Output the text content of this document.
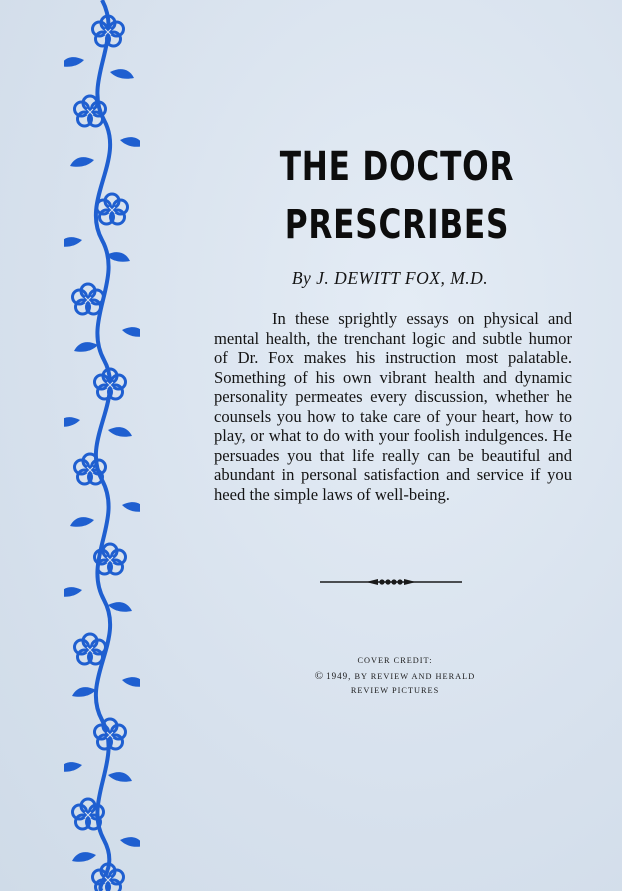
THE DOCTOR
PRESCRIBES
By J. DEWITT FOX, M.D.

In these sprightly essays on physical and mental health, the trenchant logic and subtle humor of Dr. Fox makes his instruction most palatable. Something of his own vibrant health and dynamic personality permeates every discussion, whether he counsels you how to take care of your heart, how to play, or what to do with your foolish indulgences. He persuades you that life really can be beautiful and abundant in personal satisfaction and service if you heed the simple laws of well-being.

COVER CREDIT:

© 1949, BY REVIEW AND HERALD

REVIEW PICTURES
